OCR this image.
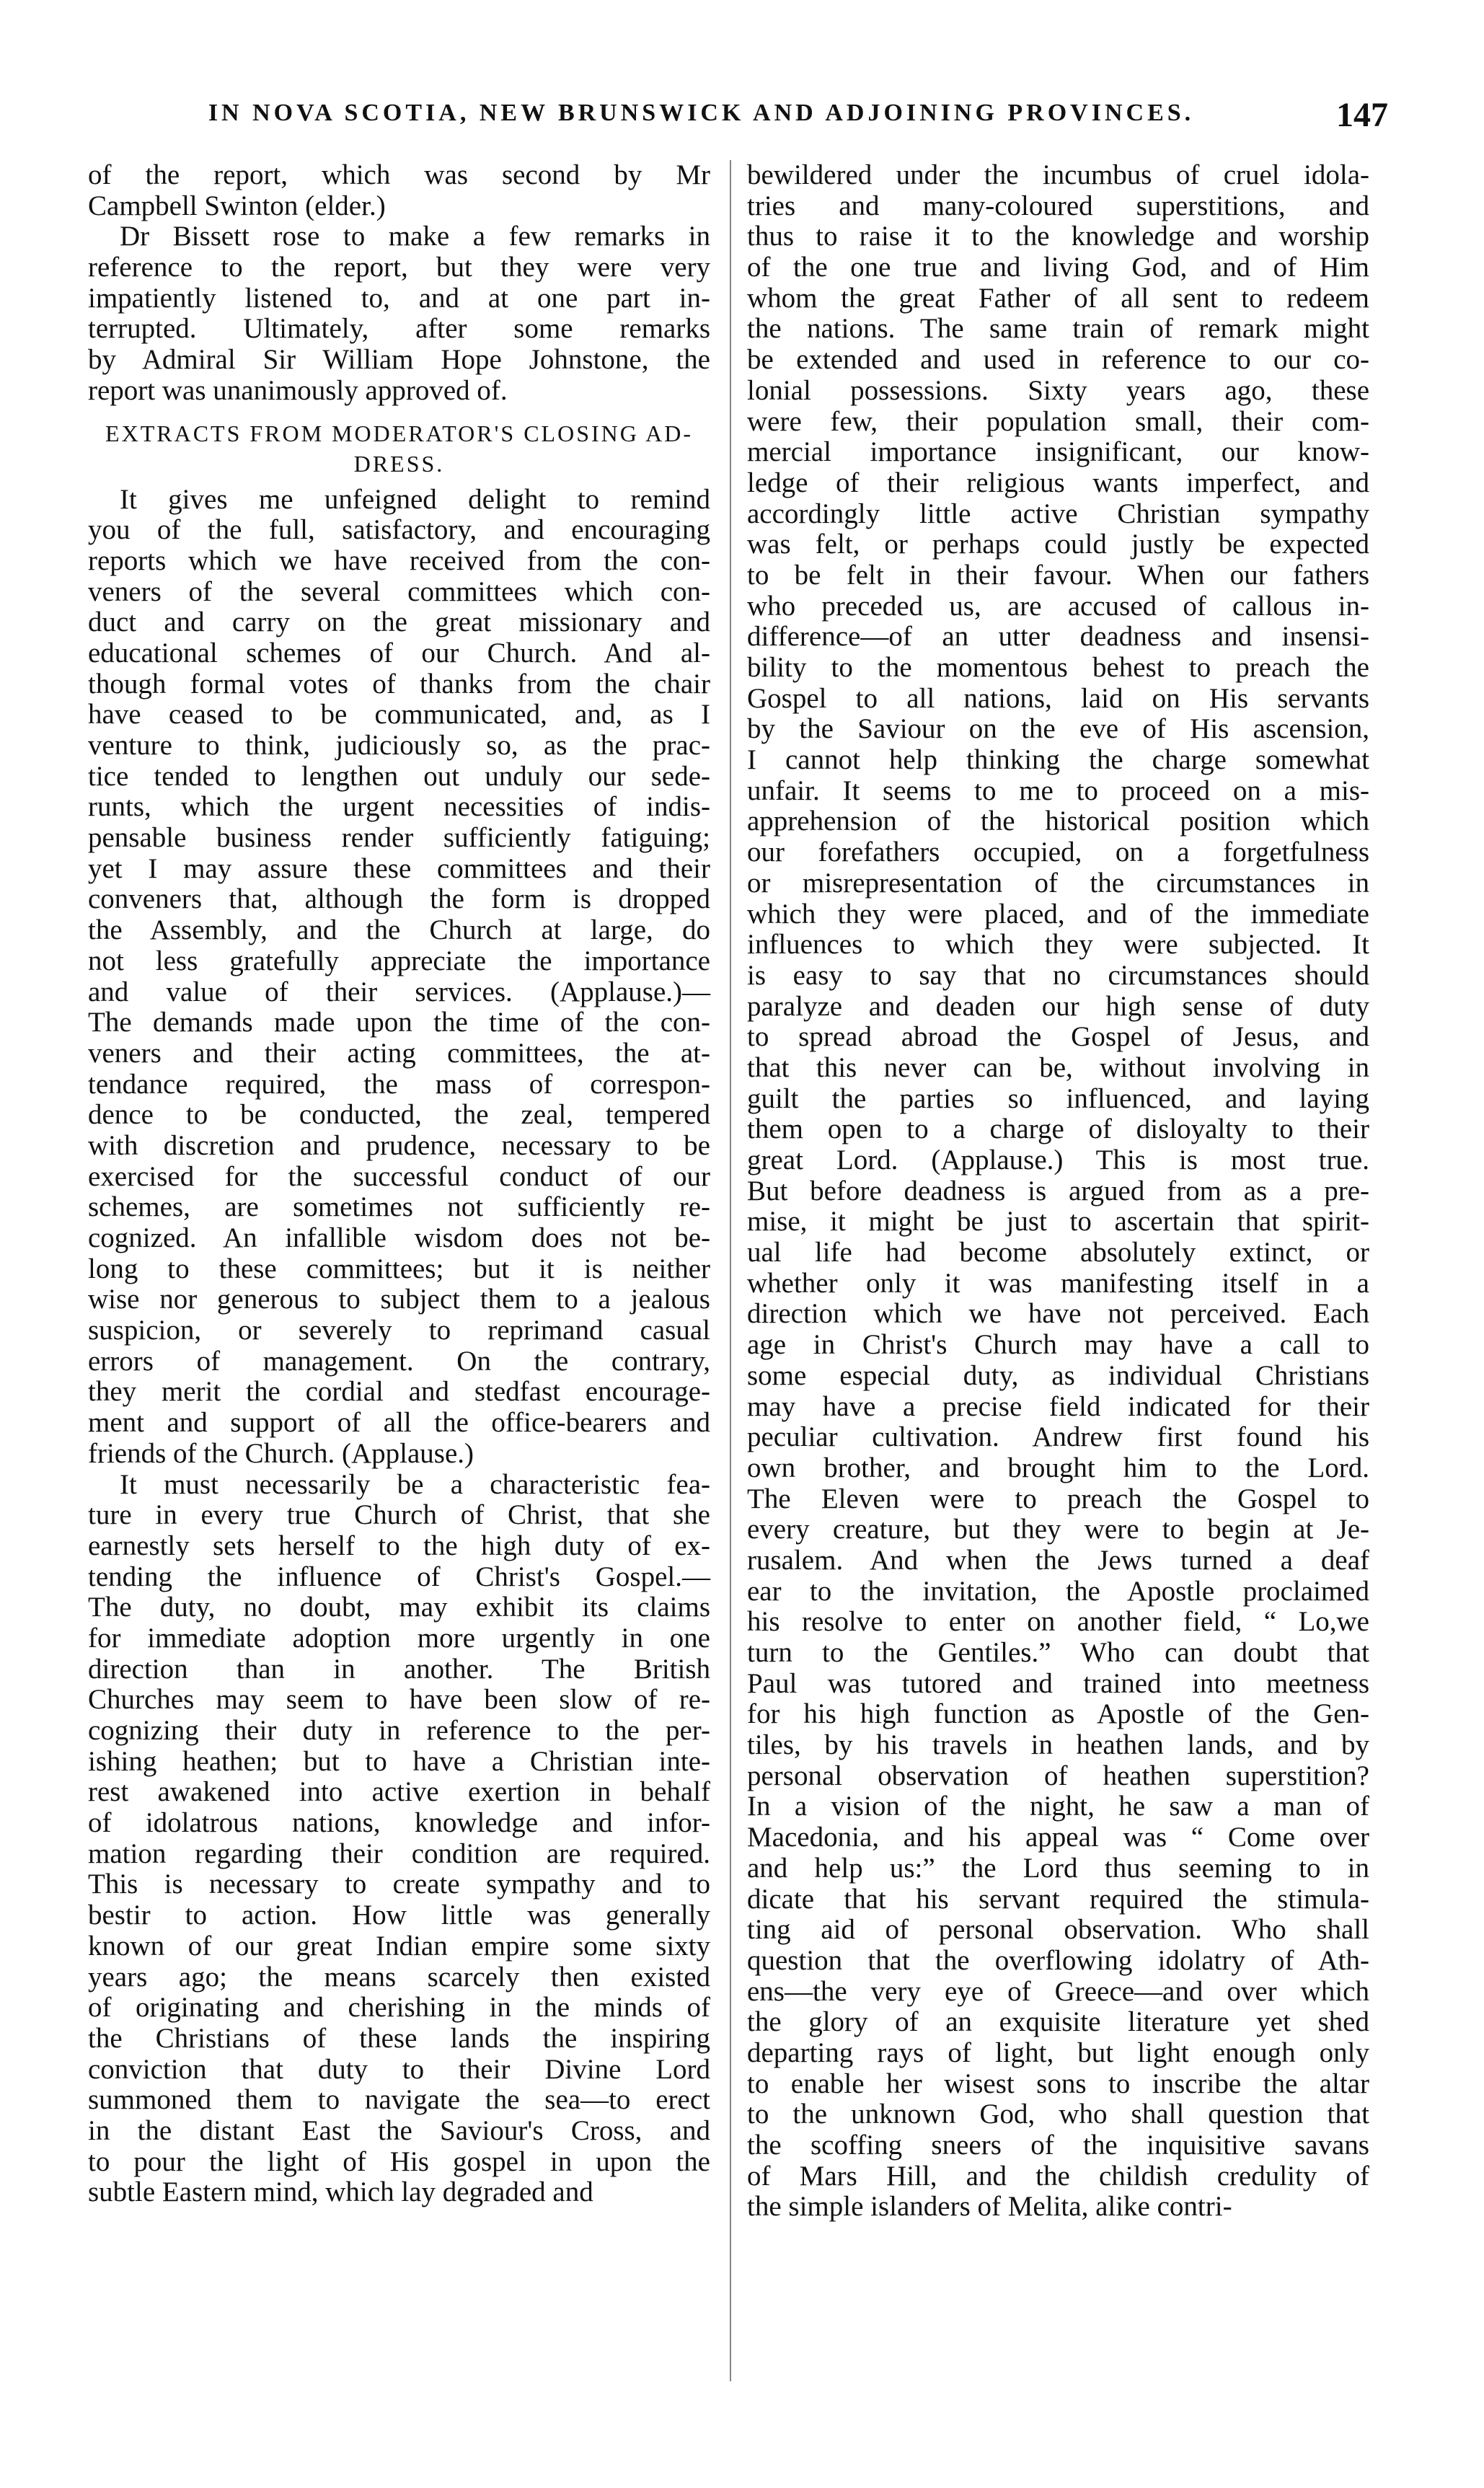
IN NOVA SCOTIA, NEW BRUNSWICK AND ADJOINING PROVINCES.	147
of the report, which was second by Mr
Campbell Swinton (elder.)
Dr Bissett rose to make a few remarks in
reference to the report, but they were very
impatiently listened to, and at one part in-
terrupted. Ultimately, after some remarks
by Admiral Sir William Hope Johnstone, the
report was unanimously approved of.
EXTRACTS FROM MODERATOR'S CLOSING AD-
DRESS.
It gives me unfeigned delight to remind
you of the full, satisfactory, and encouraging
reports which we have received from the con-
veners of the several committees which con-
duct and carry on the great missionary and
educational schemes of our Church. And al-
though formal votes of thanks from the chair
have ceased to be communicated, and, as I
venture to think, judiciously so, as the prac-
tice tended to lengthen out unduly our sede-
runts, which the urgent necessities of indis-
pensable business render sufficiently fatiguing;
yet I may assure these committees and their
conveners that, although the form is dropped
the Assembly, and the Church at large, do
not less gratefully appreciate the importance
and value of their services. (Applause.)—
The demands made upon the time of the con-
veners and their acting committees, the at-
tendance required, the mass of correspon-
dence to be conducted, the zeal, tempered
with discretion and prudence, necessary to be
exercised for the successful conduct of our
schemes, are sometimes not sufficiently re-
cognized. An infallible wisdom does not be-
long to these committees; but it is neither
wise nor generous to subject them to a jealous
suspicion, or severely to reprimand casual
errors of management. On the contrary,
they merit the cordial and stedfast encourage-
ment and support of all the office-bearers and
friends of the Church. (Applause.)
It must necessarily be a characteristic fea-
ture in every true Church of Christ, that she
earnestly sets herself to the high duty of ex-
tending the influence of Christ's Gospel.—
The duty, no doubt, may exhibit its claims
for immediate adoption more urgently in one
direction than in another. The British
Churches may seem to have been slow of re-
cognizing their duty in reference to the per-
ishing heathen; but to have a Christian inte-
rest awakened into active exertion in behalf
of idolatrous nations, knowledge and infor-
mation regarding their condition are required.
This is necessary to create sympathy and to
bestir to action. How little was generally
known of our great Indian empire some sixty
years ago; the means scarcely then existed
of originating and cherishing in the minds of
the Christians of these lands the inspiring
conviction that duty to their Divine Lord
summoned them to navigate the sea—to erect
in the distant East the Saviour's Cross, and
to pour the light of His gospel in upon the
subtle Eastern mind, which lay degraded and
bewildered under the incumbus of cruel idola-
tries and many-coloured superstitions, and
thus to raise it to the knowledge and worship
of the one true and living God, and of Him
whom the great Father of all sent to redeem
the nations. The same train of remark might
be extended and used in reference to our co-
lonial possessions. Sixty years ago, these
were few, their population small, their com-
mercial importance insignificant, our know-
ledge of their religious wants imperfect, and
accordingly little active Christian sympathy
was felt, or perhaps could justly be expected
to be felt in their favour. When our fathers
who preceded us, are accused of callous in-
difference—of an utter deadness and insensi-
bility to the momentous behest to preach the
Gospel to all nations, laid on His servants
by the Saviour on the eve of His ascension,
I cannot help thinking the charge somewhat
unfair. It seems to me to proceed on a mis-
apprehension of the historical position which
our forefathers occupied, on a forgetfulness
or misrepresentation of the circumstances in
which they were placed, and of the immediate
influences to which they were subjected. It
is easy to say that no circumstances should
paralyze and deaden our high sense of duty
to spread abroad the Gospel of Jesus, and
that this never can be, without involving in
guilt the parties so influenced, and laying
them open to a charge of disloyalty to their
great Lord. (Applause.) This is most true.
But before deadness is argued from as a pre-
mise, it might be just to ascertain that spirit-
ual life had become absolutely extinct, or
whether only it was manifesting itself in a
direction which we have not perceived. Each
age in Christ's Church may have a call to
some especial duty, as individual Christians
may have a precise field indicated for their
peculiar cultivation. Andrew first found his
own brother, and brought him to the Lord.
The Eleven were to preach the Gospel to
every creature, but they were to begin at Je-
rusalem. And when the Jews turned a deaf
ear to the invitation, the Apostle proclaimed
his resolve to enter on another field, “ Lo,we
turn to the Gentiles.” Who can doubt that
Paul was tutored and trained into meetness
for his high function as Apostle of the Gen-
tiles, by his travels in heathen lands, and by
personal observation of heathen superstition?
In a vision of the night, he saw a man of
Macedonia, and his appeal was “ Come over
and help us:” the Lord thus seeming to in
dicate that his servant required the stimula-
ting aid of personal observation. Who shall
question that the overflowing idolatry of Ath-
ens—the very eye of Greece—and over which
the glory of an exquisite literature yet shed
departing rays of light, but light enough only
to enable her wisest sons to inscribe the altar
to the unknown God, who shall question that
the scoffing sneers of the inquisitive savans
of Mars Hill, and the childish credulity of
the simple islanders of Melita, alike contri-
